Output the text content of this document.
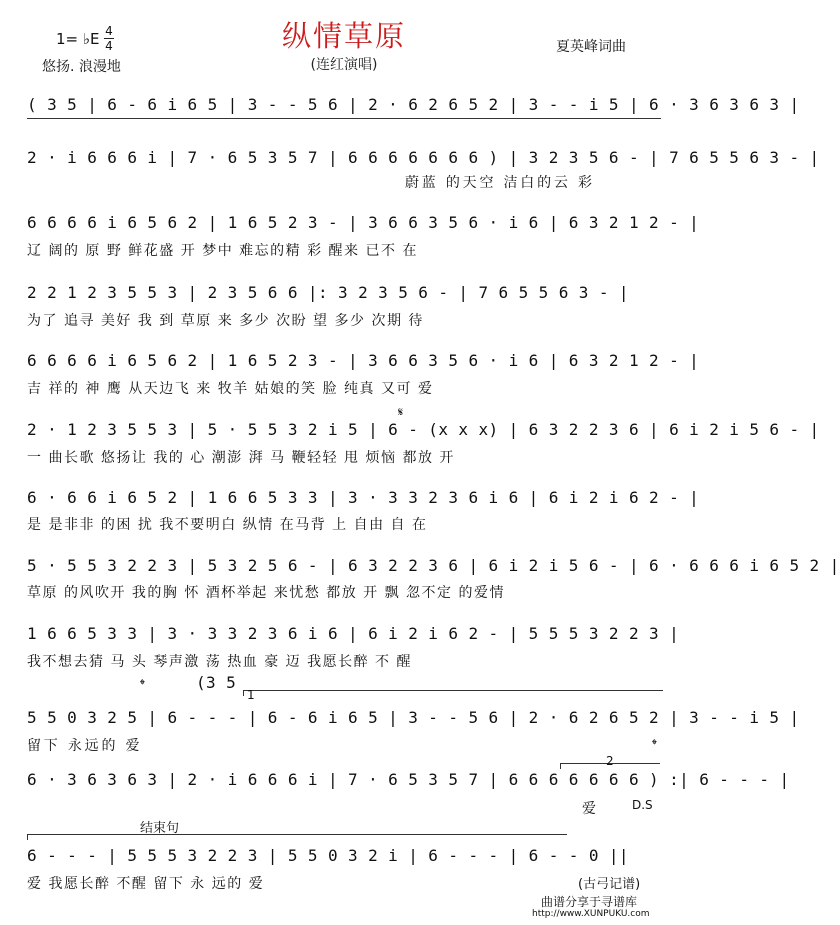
纵情草原
(连红演唱)
1= ♭E 4
4
悠扬. 浪漫地
夏英峰词曲
( 3 5 | 6 - 6 i 6 5 | 3 - - 5 6 | 2 · 6 2 6 5 2 | 3 - - i 5 | 6 · 3 6 3 6 3 |
2 · i 6 6 6 i | 7 · 6 5 3 5 7 | 6 6 6 6 6 6 6 ) | 3 2 3 5 6 - | 7 6 5 5 6 3 - |
蔚蓝 的天空 洁白的云 彩
6 6 6 6 i 6 5 6 2 | 1 6 5 2 3 - | 3 6 6 3 5 6 · i 6 | 6 3 2 1 2 - |
辽 阔的 原 野 鲜花盛 开 梦中 难忘的精 彩 醒来 已不 在
2 2 1 2 3 5 5 3 | 2 3 5 6 6 |: 3 2 3 5 6 - | 7 6 5 5 6 3 - |
为了 追寻 美好 我 到 草原 来 多少 次盼 望 多少 次期 待
6 6 6 6 i 6 5 6 2 | 1 6 5 2 3 - | 3 6 6 3 5 6 · i 6 | 6 3 2 1 2 - |
吉 祥的 神 鹰 从天边飞 来 牧羊 姑娘的笑 脸 纯真 又可 爱
𝄋
2 · 1 2 3 5 5 3 | 5 · 5 5 3 2 i 5 | 6 - (x x x) | 6 3 2 2 3 6 | 6 i 2 i 5 6 - |
一 曲长歌 悠扬让 我的 心 潮澎 湃 马 鞭轻轻 甩 烦恼 都放 开
6 · 6 6 i 6 5 2 | 1 6 6 5 3 3 | 3 · 3 3 2 3 6 i 6 | 6 i 2 i 6 2 - |
是 是非非 的困 扰 我不要明白 纵情 在马背 上 自由 自 在
5 · 5 5 3 2 2 3 | 5 3 2 5 6 - | 6 3 2 2 3 6 | 6 i 2 i 5 6 - | 6 · 6 6 6 i 6 5 2 |
草原 的风吹开 我的胸 怀 酒杯举起 来忧愁 都放 开 飘 忽不定 的爱情
1 6 6 5 3 3 | 3 · 3 3 2 3 6 i 6 | 6 i 2 i 6 2 - | 5 5 5 3 2 2 3 |
我不想去猜 马 头 琴声激 荡 热血 豪 迈 我愿长醉 不 醒
𝄌	(3 5
1
5 5 0 3 2 5 | 6 - - - | 6 - 6 i 6 5 | 3 - - 5 6 | 2 · 6 2 6 5 2 | 3 - - i 5 |
留下 永远的 爱
2
𝄌
6 · 3 6 3 6 3 | 2 · i 6 6 6 i | 7 · 6 5 3 5 7 | 6 6 6 6 6 6 6 ) :| 6 - - - |
爱	D.S
结束句
6 - - - | 5 5 5 3 2 2 3 | 5 5 0 3 2 i | 6 - - - | 6 - - 0 ||
爱 我愿长醉 不醒 留下 永 远的 爱	(古弓记谱)
曲谱分享于寻谱库
http://www.XUNPUKU.com
